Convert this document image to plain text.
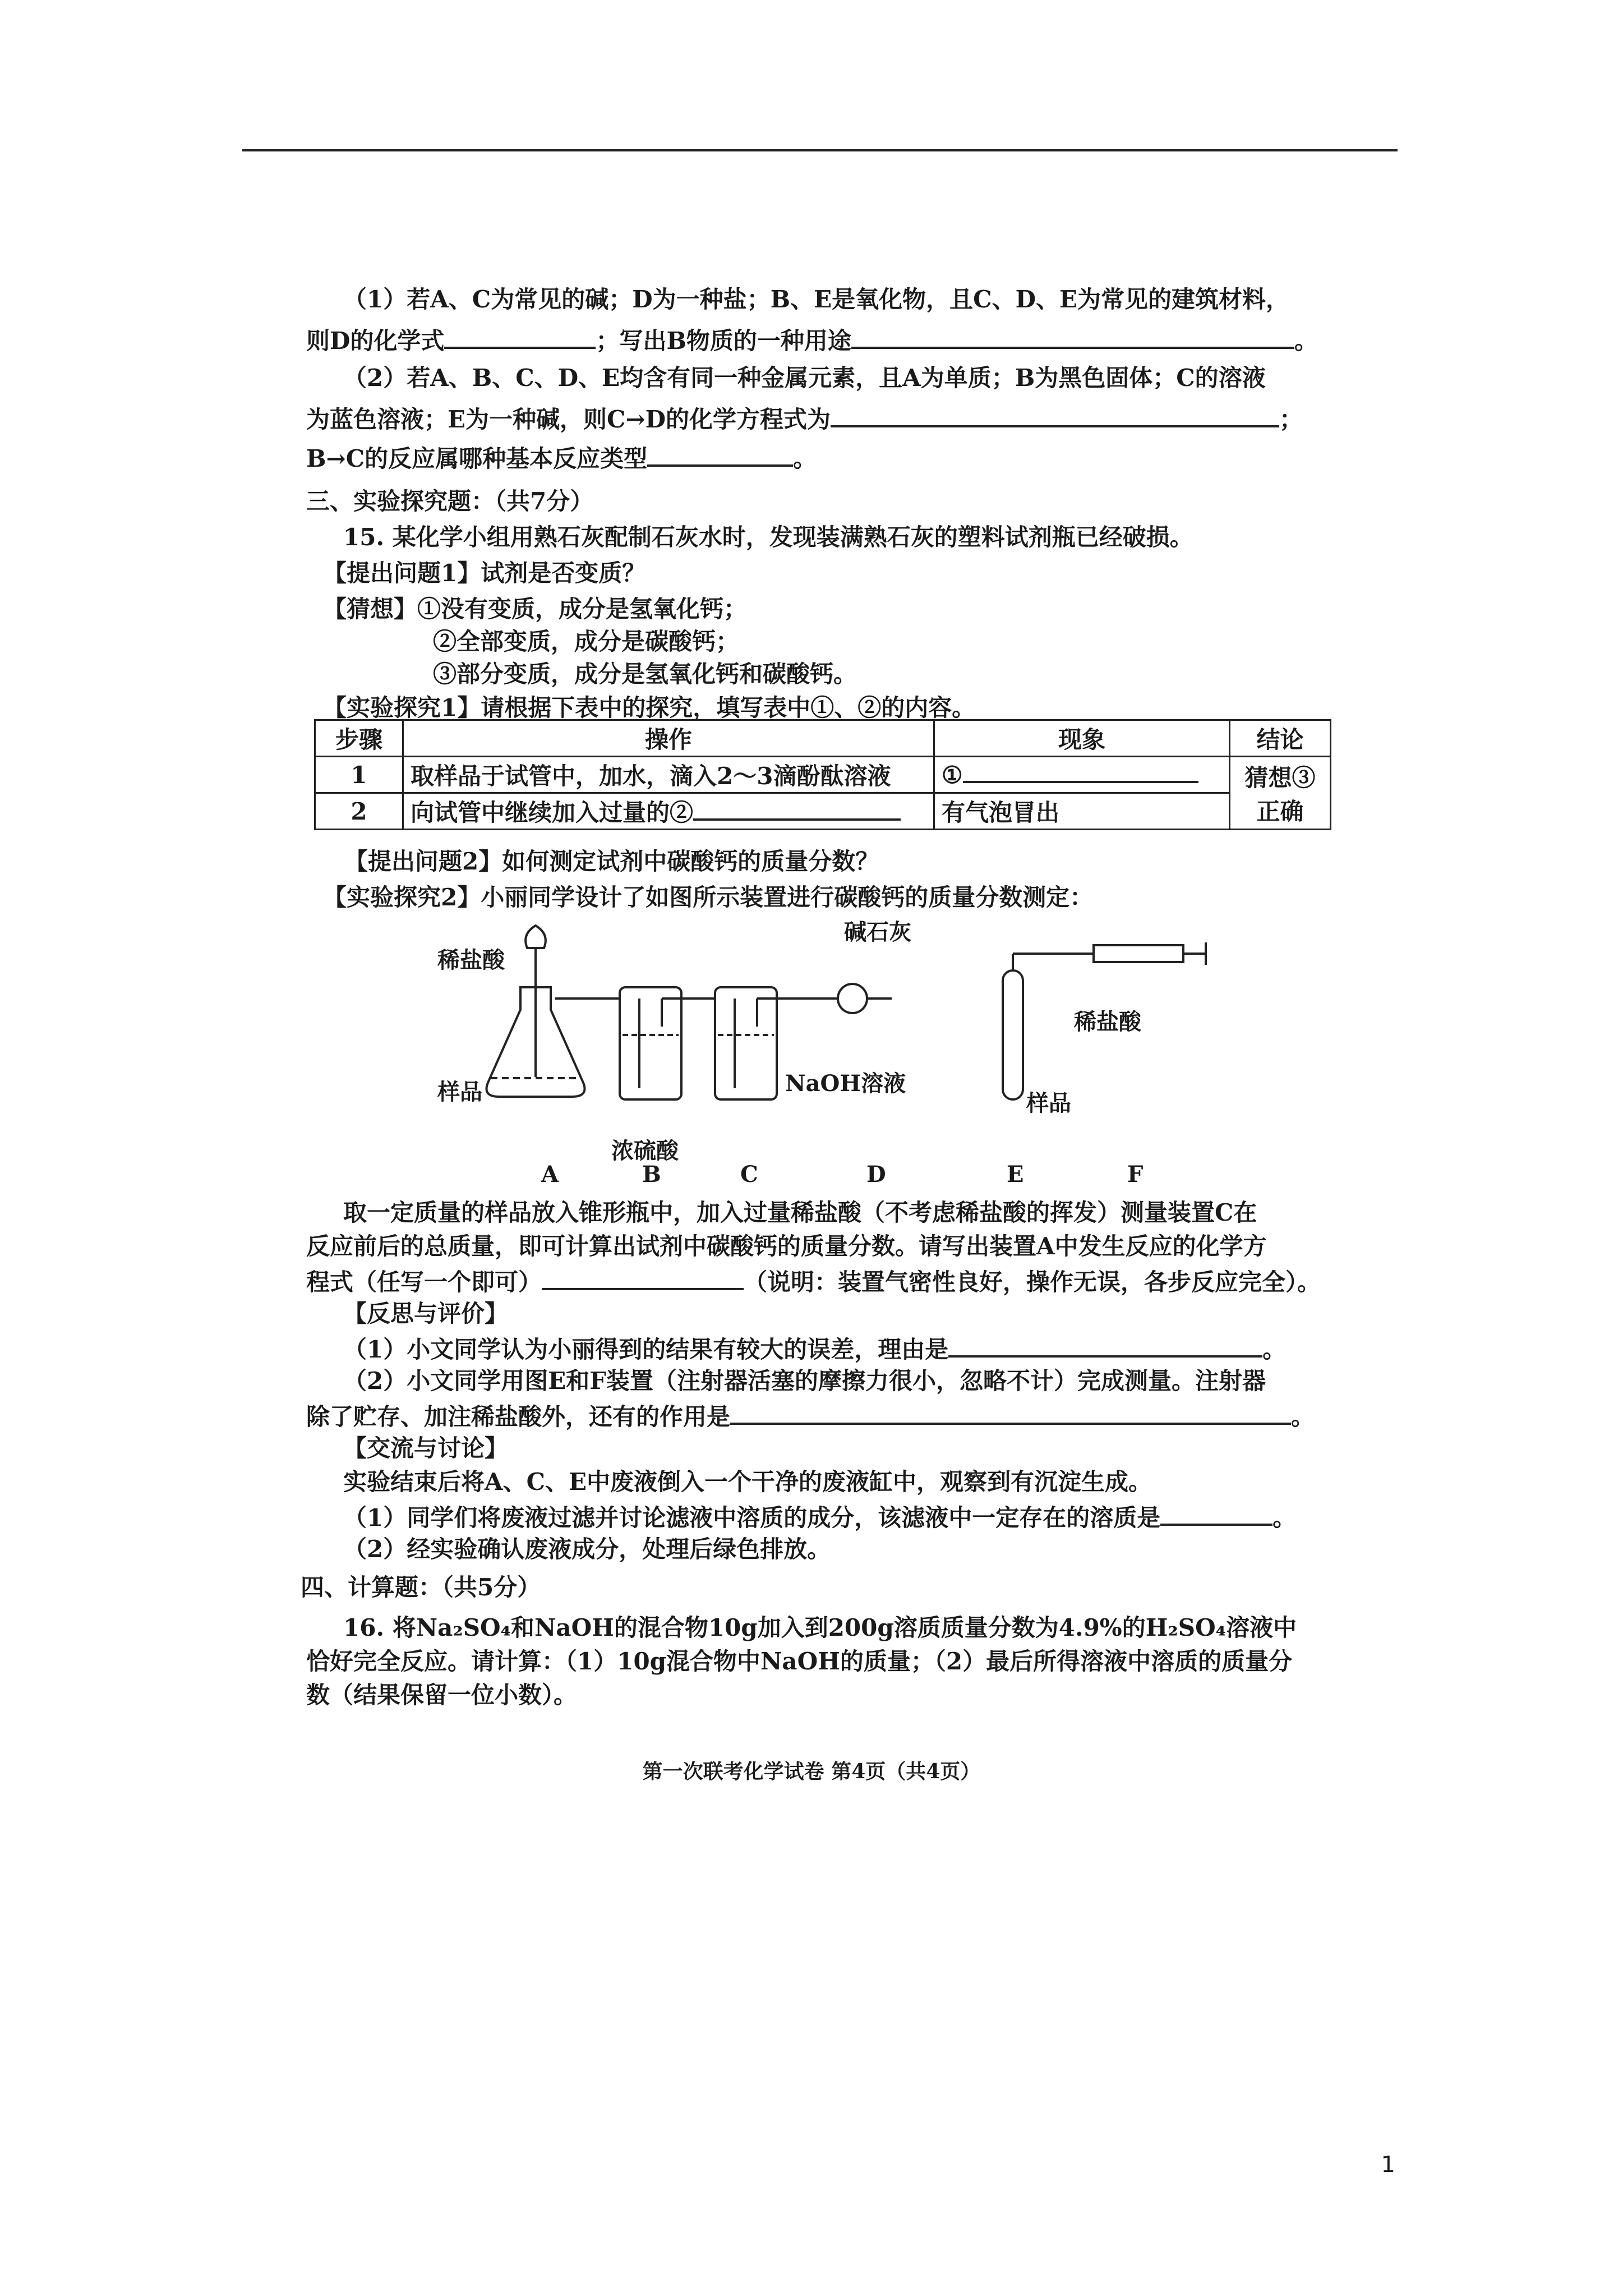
（1）若A、C为常见的碱；D为一种盐；B、E是氧化物，且C、D、E为常见的建筑材料，
则D的化学式	；写出B物质的一种用途	。
（2）若A、B、C、D、E均含有同一种金属元素，且A为单质；B为黑色固体；C的溶液
为蓝色溶液；E为一种碱，则C→D的化学方程式为	；
B→C的反应属哪种基本反应类型	。
三、实验探究题：（共7分）
15. 某化学小组用熟石灰配制石灰水时，发现装满熟石灰的塑料试剂瓶已经破损。
【提出问题1】试剂是否变质？
【猜想】①没有变质，成分是氢氧化钙；
②全部变质，成分是碳酸钙；
③部分变质，成分是氢氧化钙和碳酸钙。
【实验探究1】请根据下表中的探究，填写表中①、②的内容。
步骤	操作	现象	结论
1	取样品于试管中，加水，滴入2～3滴酚酞溶液	①	猜想③正确
2	向试管中继续加入过量的②	有气泡冒出	
【提出问题2】如何测定试剂中碳酸钙的质量分数？
【实验探究2】小丽同学设计了如图所示装置进行碳酸钙的质量分数测定：
稀盐酸
碱石灰
稀盐酸
样品	NaOH溶液
样品
浓硫酸
A	B	C	D	E	F
取一定质量的样品放入锥形瓶中，加入过量稀盐酸（不考虑稀盐酸的挥发）测量装置C在
反应前后的总质量，即可计算出试剂中碳酸钙的质量分数。请写出装置A中发生反应的化学方
程式（任写一个即可）	（说明：装置气密性良好，操作无误，各步反应完全）。
【反思与评价】
（1）小文同学认为小丽得到的结果有较大的误差，理由是	。
（2）小文同学用图E和F装置（注射器活塞的摩擦力很小，忽略不计）完成测量。注射器
除了贮存、加注稀盐酸外，还有的作用是	。
【交流与讨论】
实验结束后将A、C、E中废液倒入一个干净的废液缸中，观察到有沉淀生成。
（1）同学们将废液过滤并讨论滤液中溶质的成分，该滤液中一定存在的溶质是	。
（2）经实验确认废液成分，处理后绿色排放。
四、计算题：（共5分）
16. 将Na₂SO₄和NaOH的混合物10g加入到200g溶质质量分数为4.9%的H₂SO₄溶液中
恰好完全反应。请计算：（1）10g混合物中NaOH的质量；（2）最后所得溶液中溶质的质量分
数（结果保留一位小数）。
第一次联考化学试卷 第4页（共4页）
1
